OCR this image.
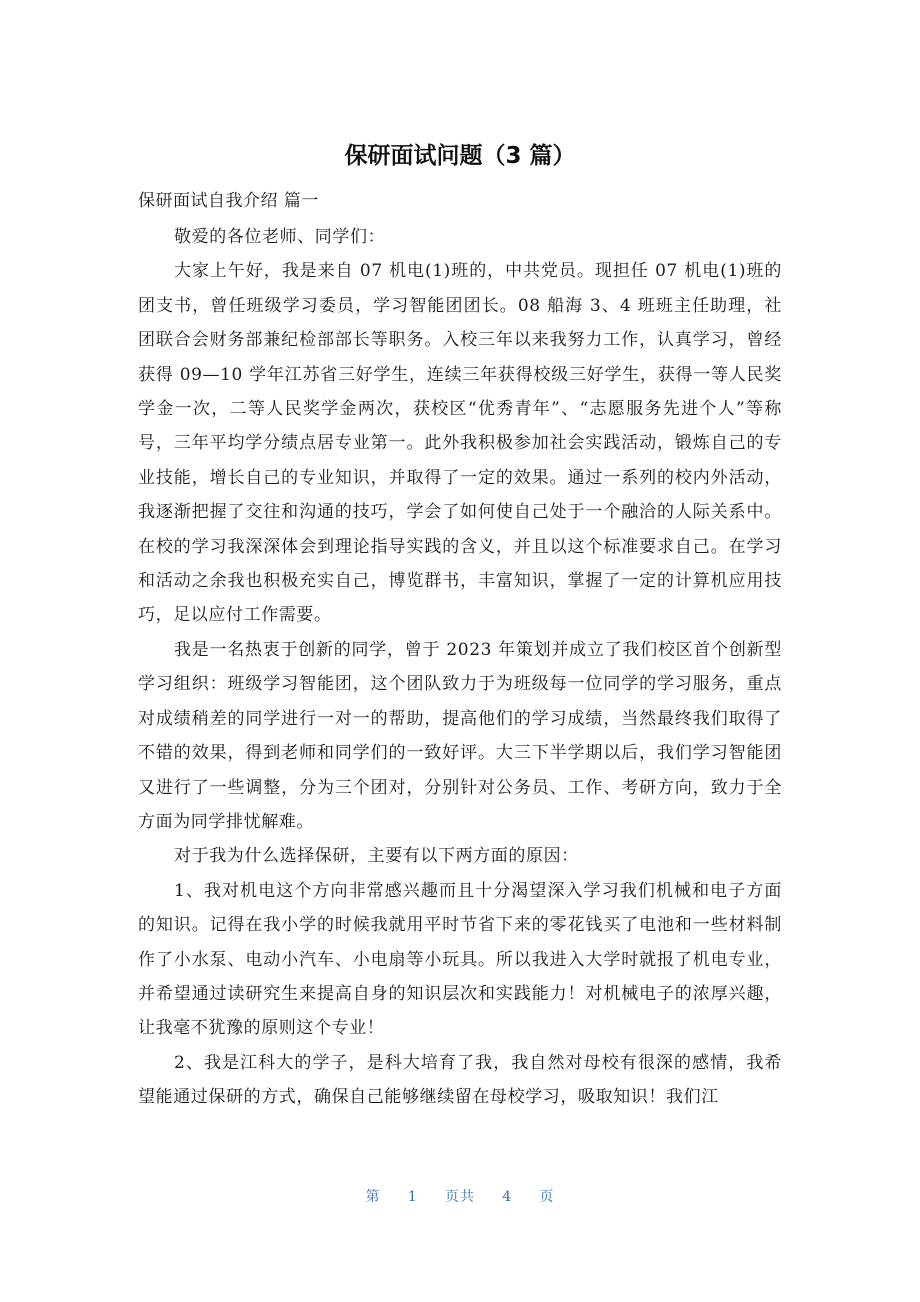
保研面试问题（3 篇）

保研面试自我介绍 篇一

敬爱的各位老师、同学们：

大家上午好，我是来自 07 机电(1)班的，中共党员。现担任 07 机电(1)班的团支书，曾任班级学习委员，学习智能团团长。08 船海 3、4 班班主任助理，社团联合会财务部兼纪检部部长等职务。入校三年以来我努力工作，认真学习，曾经获得 09—10 学年江苏省三好学生，连续三年获得校级三好学生，获得一等人民奖学金一次，二等人民奖学金两次，获校区“优秀青年”、“志愿服务先进个人”等称号，三年平均学分绩点居专业第一。此外我积极参加社会实践活动，锻炼自己的专业技能，增长自己的专业知识，并取得了一定的效果。通过一系列的校内外活动，我逐渐把握了交往和沟通的技巧，学会了如何使自己处于一个融洽的人际关系中。在校的学习我深深体会到理论指导实践的含义，并且以这个标准要求自己。在学习和活动之余我也积极充实自己，博览群书，丰富知识，掌握了一定的计算机应用技巧，足以应付工作需要。

我是一名热衷于创新的同学，曾于 2023 年策划并成立了我们校区首个创新型学习组织：班级学习智能团，这个团队致力于为班级每一位同学的学习服务，重点对成绩稍差的同学进行一对一的帮助，提高他们的学习成绩，当然最终我们取得了不错的效果，得到老师和同学们的一致好评。大三下半学期以后，我们学习智能团又进行了一些调整，分为三个团对，分别针对公务员、工作、考研方向，致力于全方面为同学排忧解难。

对于我为什么选择保研，主要有以下两方面的原因：

1、我对机电这个方向非常感兴趣而且十分渴望深入学习我们机械和电子方面的知识。记得在我小学的时候我就用平时节省下来的零花钱买了电池和一些材料制作了小水泵、电动小汽车、小电扇等小玩具。所以我进入大学时就报了机电专业，并希望通过读研究生来提高自身的知识层次和实践能力！对机械电子的浓厚兴趣，让我毫不犹豫的原则这个专业！

2、我是江科大的学子，是科大培育了我，我自然对母校有很深的感情，我希望能通过保研的方式，确保自己能够继续留在母校学习，吸取知识！我们江

第 1 页共 4 页
